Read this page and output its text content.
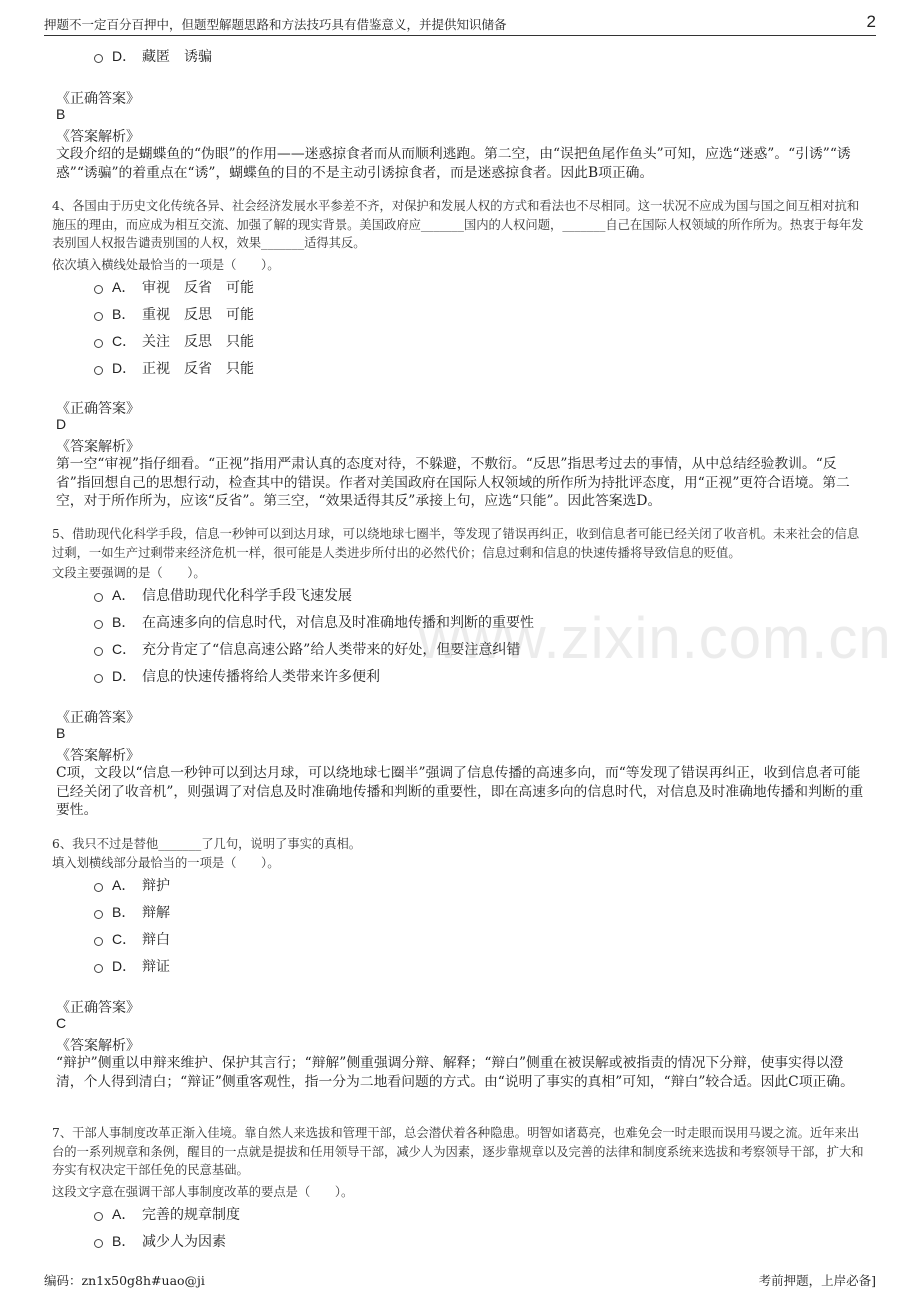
押题不一定百分百押中，但题型解题思路和方法技巧具有借鉴意义，并提供知识储备	2
www.zixin.com.cn
D． 藏匿　诱骗
《正确答案》
B
《答案解析》
文段介绍的是蝴蝶鱼的“伪眼”的作用——迷惑掠食者而从而顺利逃跑。第二空，由“误把鱼尾作鱼头”可知，应选“迷惑”。“引诱”“诱惑”“诱骗”的着重点在“诱”，蝴蝶鱼的目的不是主动引诱掠食者，而是迷惑掠食者。因此B项正确。
4、各国由于历史文化传统各异、社会经济发展水平参差不齐，对保护和发展人权的方式和看法也不尽相同。这一状况不应成为国与国之间互相对抗和施压的理由，而应成为相互交流、加强了解的现实背景。美国政府应_______国内的人权问题，_______自己在国际人权领域的所作所为。热衷于每年发表别国人权报告谴责别国的人权，效果_______适得其反。
依次填入横线处最恰当的一项是（　　）。
A． 审视　反省　可能
B． 重视　反思　可能
C． 关注　反思　只能
D． 正视　反省　只能
《正确答案》
D
《答案解析》
第一空“审视”指仔细看。“正视”指用严肃认真的态度对待，不躲避，不敷衍。“反思”指思考过去的事情，从中总结经验教训。“反省”指回想自己的思想行动，检查其中的错误。作者对美国政府在国际人权领域的所作所为持批评态度，用“正视”更符合语境。第二空，对于所作所为，应该“反省”。第三空，“效果适得其反”承接上句，应选“只能”。因此答案选D。
5、借助现代化科学手段，信息一秒钟可以到达月球，可以绕地球七圈半，等发现了错误再纠正，收到信息者可能已经关闭了收音机。未来社会的信息过剩，一如生产过剩带来经济危机一样，很可能是人类进步所付出的必然代价；信息过剩和信息的快速传播将导致信息的贬值。
文段主要强调的是（　　）。
A． 信息借助现代化科学手段飞速发展
B． 在高速多向的信息时代，对信息及时准确地传播和判断的重要性
C． 充分肯定了“信息高速公路”给人类带来的好处，但要注意纠错
D． 信息的快速传播将给人类带来许多便利
《正确答案》
B
《答案解析》
C项，文段以“信息一秒钟可以到达月球，可以绕地球七圈半”强调了信息传播的高速多向，而“等发现了错误再纠正，收到信息者可能已经关闭了收音机”，则强调了对信息及时准确地传播和判断的重要性，即在高速多向的信息时代，对信息及时准确地传播和判断的重要性。
6、我只不过是替他_______了几句，说明了事实的真相。
填入划横线部分最恰当的一项是（　　）。
A． 辩护
B． 辩解
C． 辩白
D． 辩证
《正确答案》
C
《答案解析》
“辩护”侧重以申辩来维护、保护其言行；“辩解”侧重强调分辩、解释；“辩白”侧重在被误解或被指责的情况下分辩，使事实得以澄清，个人得到清白；“辩证”侧重客观性，指一分为二地看问题的方式。由“说明了事实的真相”可知，“辩白”较合适。因此C项正确。
7、干部人事制度改革正渐入佳境。靠自然人来选拔和管理干部，总会潜伏着各种隐患。明智如诸葛亮，也难免会一时走眼而误用马谡之流。近年来出台的一系列规章和条例，醒目的一点就是提拔和任用领导干部，减少人为因素，逐步靠规章以及完善的法律和制度系统来选拔和考察领导干部，扩大和夯实有权决定干部任免的民意基础。
这段文字意在强调干部人事制度改革的要点是（　　）。
A． 完善的规章制度
B． 减少人为因素
编码：zn1x50g8h#uao@ji	考前押题，上岸必备]
